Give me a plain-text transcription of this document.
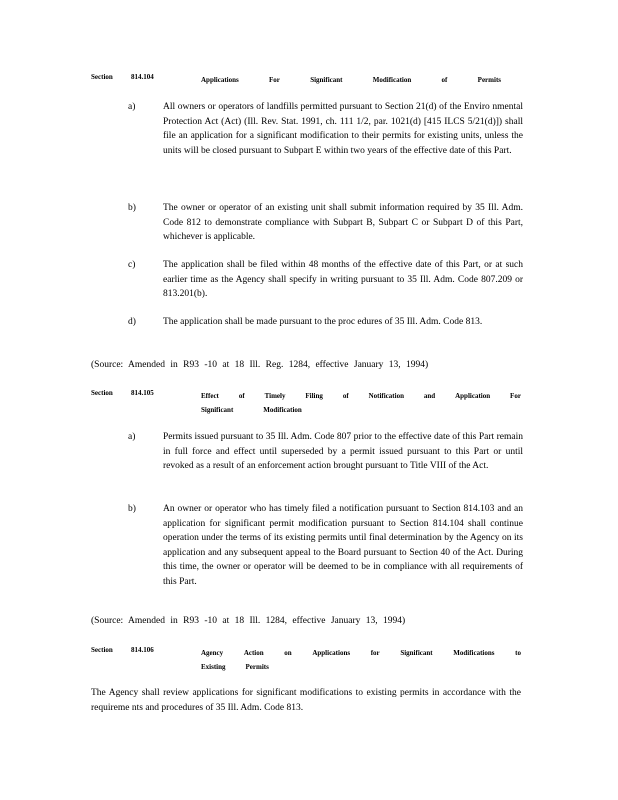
Section	814.104	Applications	For	Significant	Modification	of	Permits
a)	All owners or operators of landfills permitted pursuant to Section 21(d) of the Enviro nmental Protection Act (Act) (Ill. Rev. Stat. 1991, ch. 111 1/2, par. 1021(d) [415 ILCS 5/21(d)]) shall file an application for a significant modification to their permits for existing units, unless the units will be closed pursuant to Subpart E within two years of the effective date of this Part.
b)	The owner or operator of an existing unit shall submit information required by 35 Ill. Adm. Code 812 to demonstrate compliance with Subpart B, Subpart C or Subpart D of this Part, whichever is applicable.
c)	The application shall be filed within 48 months of the effective date of this Part, or at such earlier time as the Agency shall specify in writing pursuant to 35 Ill. Adm. Code 807.209 or 813.201(b).
d)	The application shall be made pursuant to the proc edures of 35 Ill. Adm. Code 813.
(Source: Amended in R93 -10 at 18 Ill. Reg. 1284, effective January 13, 1994)
Section	814.105	Effect	of	Timely	Filing	of	Notification	and	Application	For
Significant	Modification
a)	Permits issued pursuant to 35 Ill. Adm. Code 807 prior to the effective date of this Part remain in full force and effect until superseded by a permit issued pursuant to this Part or until revoked as a result of an enforcement action brought pursuant to Title VIII of the Act.
b)	An owner or operator who has timely filed a notification pursuant to Section 814.103 and an application for significant permit modification pursuant to Section 814.104 shall continue operation under the terms of its existing permits until final determination by the Agency on its application and any subsequent appeal to the Board pursuant to Section 40 of the Act. During this time, the owner or operator will be deemed to be in compliance with all requirements of this Part.
(Source: Amended in R93 -10 at 18 Ill. 1284, effective January 13, 1994)
Section	814.106	Agency	Action	on	Applications	for	Significant	Modifications	to
Existing	Permits
The Agency shall review applications for significant modifications to existing permits in accordance with the requireme nts and procedures of 35 Ill. Adm. Code 813.
